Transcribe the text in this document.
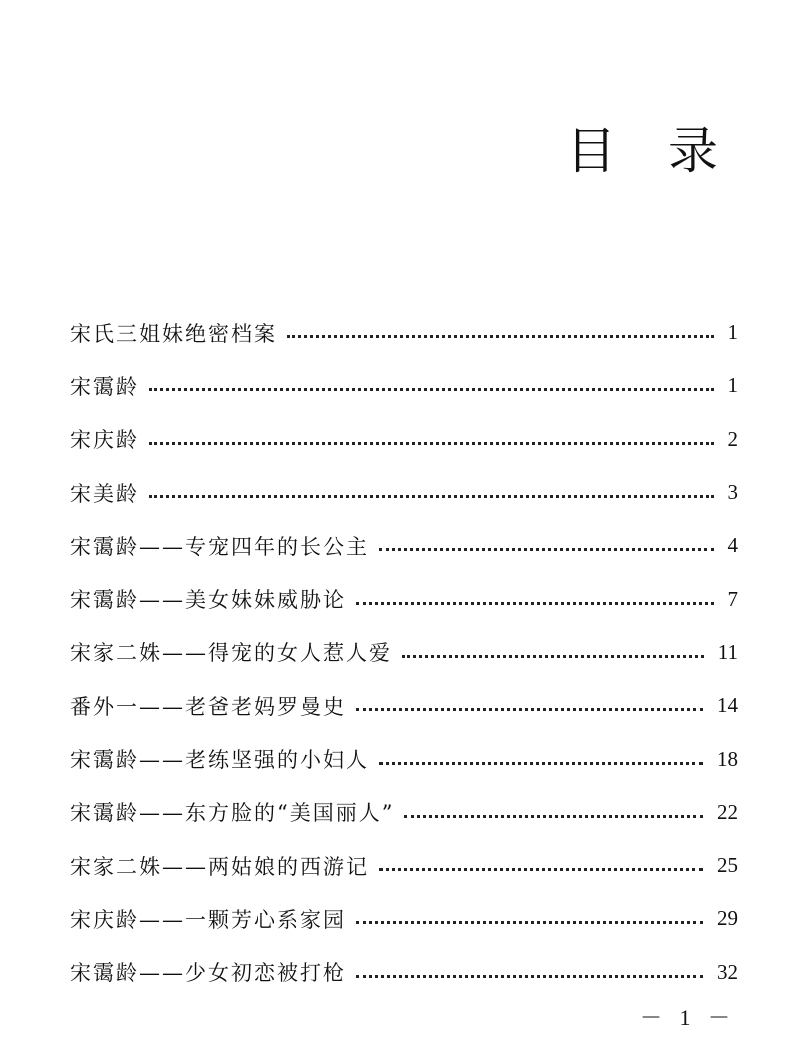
目 录
宋氏三姐妹绝密档案	1
宋霭龄	1
宋庆龄	2
宋美龄	3
宋霭龄——专宠四年的长公主	4
宋霭龄——美女妹妹威胁论	7
宋家二姝——得宠的女人惹人爱	11
番外一——老爸老妈罗曼史	14
宋霭龄——老练坚强的小妇人	18
宋霭龄——东方脸的“美国丽人”	22
宋家二姝——两姑娘的西游记	25
宋庆龄——一颗芳心系家园	29
宋霭龄——少女初恋被打枪	32
－ 1 －
